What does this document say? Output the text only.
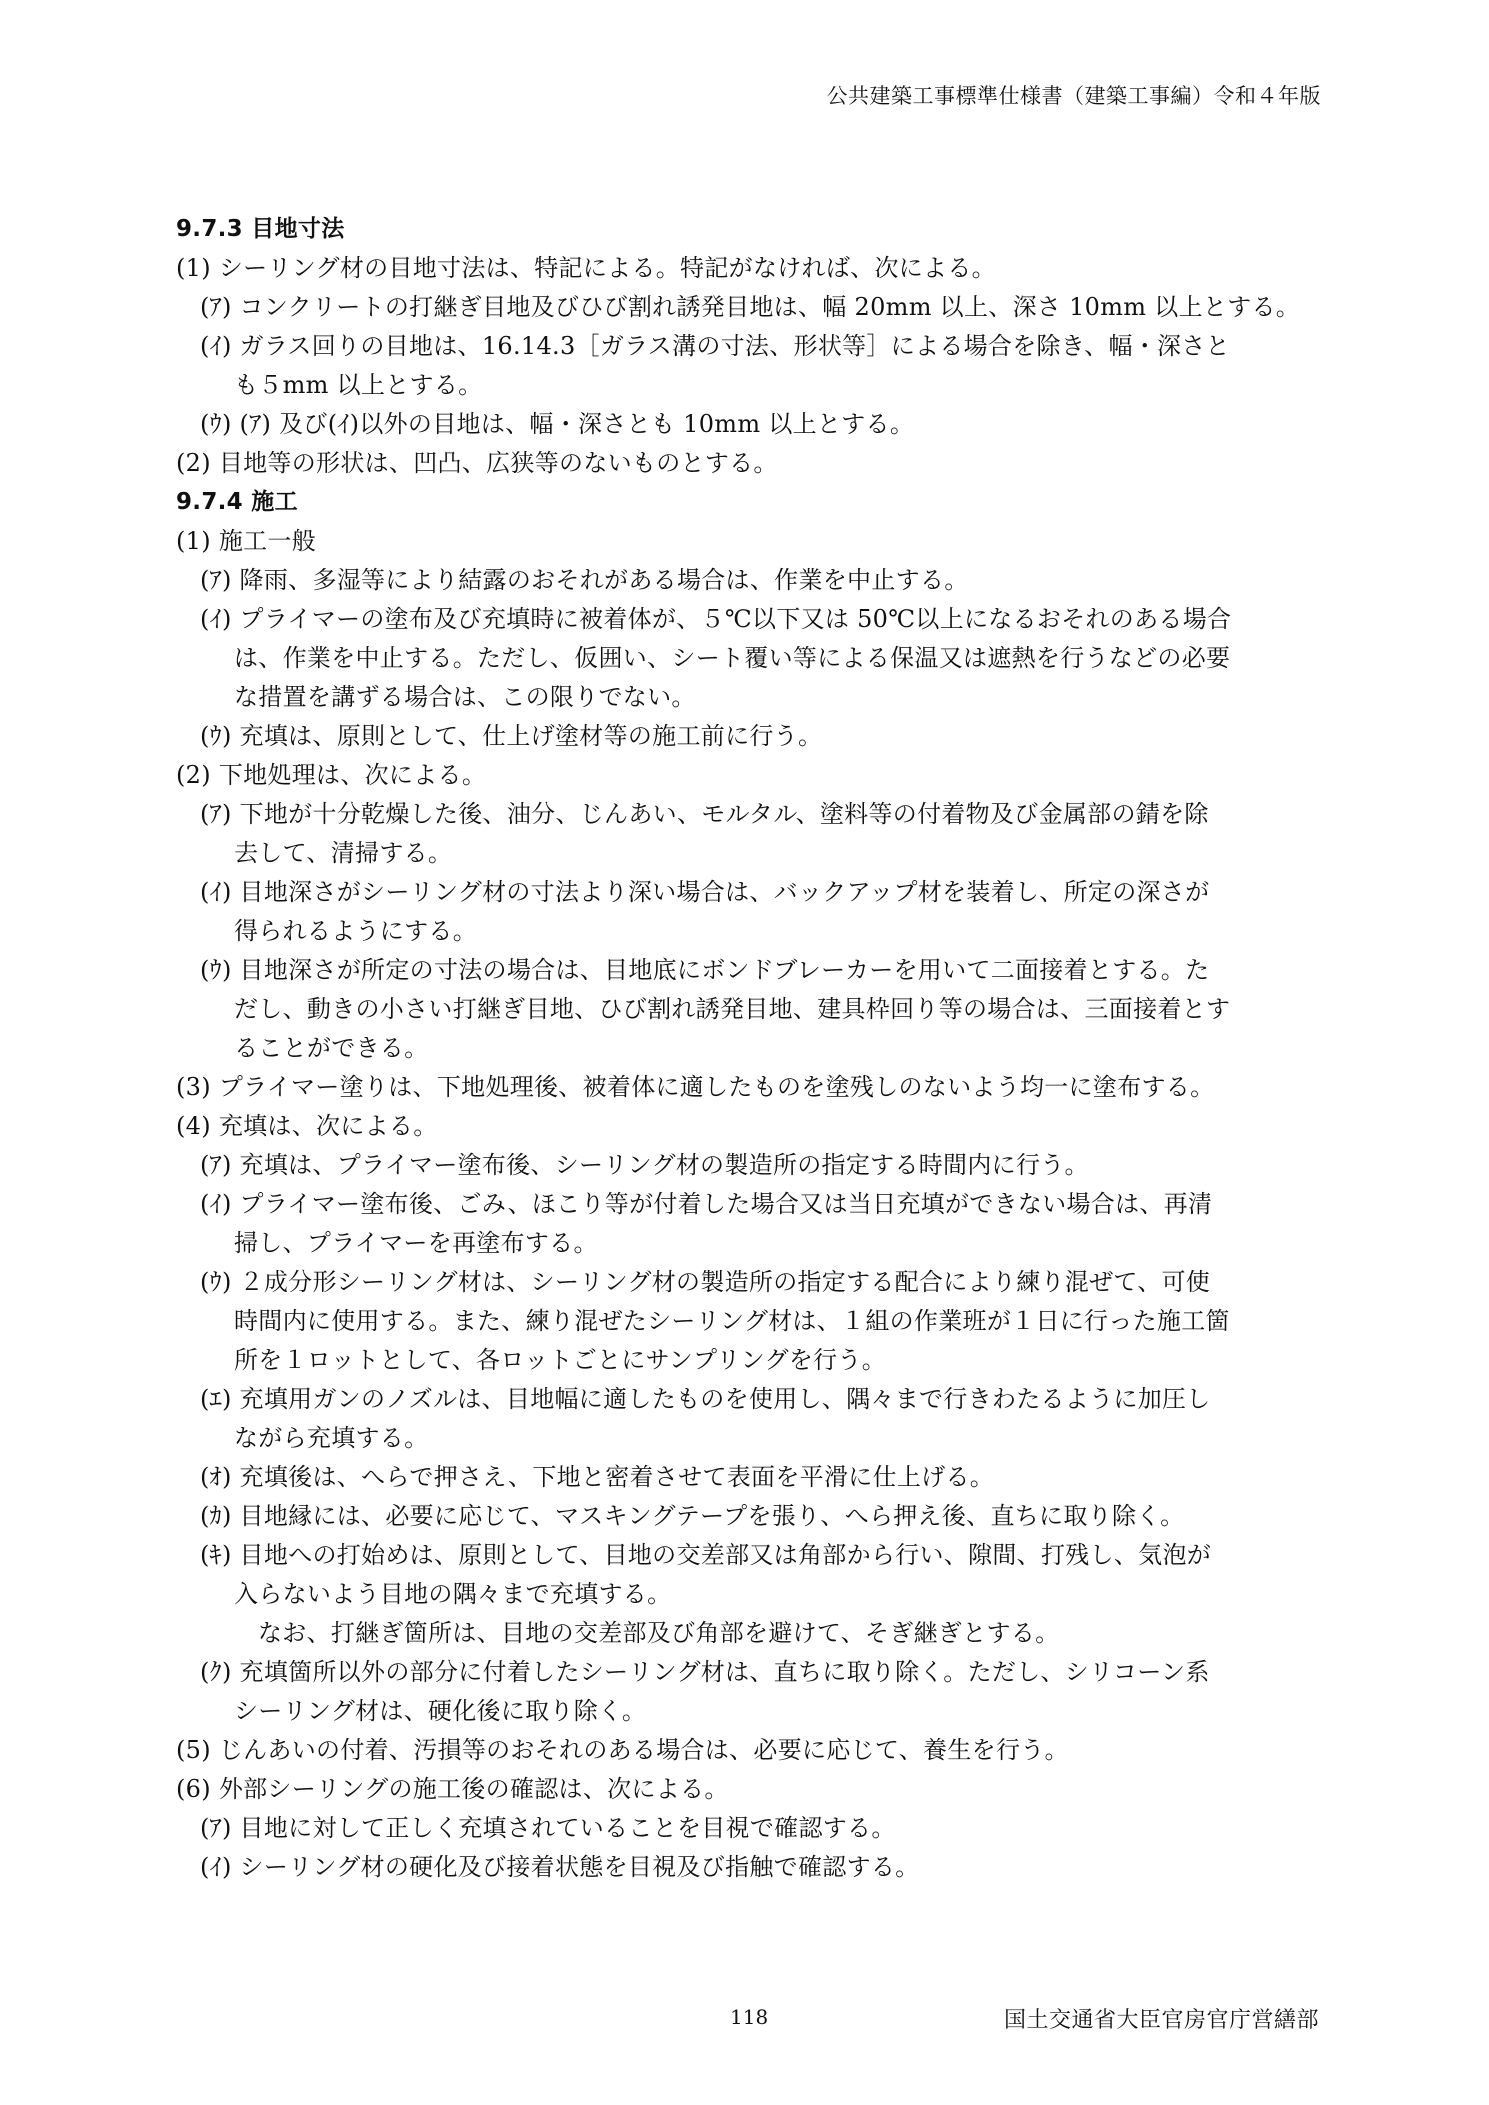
公共建築工事標準仕様書（建築工事編）令和４年版
9.7.3 目地寸法
(1) シーリング材の目地寸法は、特記による。特記がなければ、次による。
(ｱ) コンクリートの打継ぎ目地及びひび割れ誘発目地は、幅 20mm 以上、深さ 10mm 以上とする。
(ｲ) ガラス回りの目地は、16.14.3［ガラス溝の寸法、形状等］による場合を除き、幅・深さと
も５mm 以上とする。
(ｳ) (ｱ) 及び(ｲ)以外の目地は、幅・深さとも 10mm 以上とする。
(2) 目地等の形状は、凹凸、広狭等のないものとする。
9.7.4 施工
(1) 施工一般
(ｱ) 降雨、多湿等により結露のおそれがある場合は、作業を中止する。
(ｲ) プライマーの塗布及び充填時に被着体が、５℃以下又は 50℃以上になるおそれのある場合
は、作業を中止する。ただし、仮囲い、シート覆い等による保温又は遮熱を行うなどの必要
な措置を講ずる場合は、この限りでない。
(ｳ) 充填は、原則として、仕上げ塗材等の施工前に行う。
(2) 下地処理は、次による。
(ｱ) 下地が十分乾燥した後、油分、じんあい、モルタル、塗料等の付着物及び金属部の錆を除
去して、清掃する。
(ｲ) 目地深さがシーリング材の寸法より深い場合は、バックアップ材を装着し、所定の深さが
得られるようにする。
(ｳ) 目地深さが所定の寸法の場合は、目地底にボンドブレーカーを用いて二面接着とする。た
だし、動きの小さい打継ぎ目地、ひび割れ誘発目地、建具枠回り等の場合は、三面接着とす
ることができる。
(3) プライマー塗りは、下地処理後、被着体に適したものを塗残しのないよう均一に塗布する。
(4) 充填は、次による。
(ｱ) 充填は、プライマー塗布後、シーリング材の製造所の指定する時間内に行う。
(ｲ) プライマー塗布後、ごみ、ほこり等が付着した場合又は当日充填ができない場合は、再清
掃し、プライマーを再塗布する。
(ｳ) ２成分形シーリング材は、シーリング材の製造所の指定する配合により練り混ぜて、可使
時間内に使用する。また、練り混ぜたシーリング材は、１組の作業班が１日に行った施工箇
所を１ロットとして、各ロットごとにサンプリングを行う。
(ｴ) 充填用ガンのノズルは、目地幅に適したものを使用し、隅々まで行きわたるように加圧し
ながら充填する。
(ｵ) 充填後は、へらで押さえ、下地と密着させて表面を平滑に仕上げる。
(ｶ) 目地縁には、必要に応じて、マスキングテープを張り、へら押え後、直ちに取り除く。
(ｷ) 目地への打始めは、原則として、目地の交差部又は角部から行い、隙間、打残し、気泡が
入らないよう目地の隅々まで充填する。
なお、打継ぎ箇所は、目地の交差部及び角部を避けて、そぎ継ぎとする。
(ｸ) 充填箇所以外の部分に付着したシーリング材は、直ちに取り除く。ただし、シリコーン系
シーリング材は、硬化後に取り除く。
(5) じんあいの付着、汚損等のおそれのある場合は、必要に応じて、養生を行う。
(6) 外部シーリングの施工後の確認は、次による。
(ｱ) 目地に対して正しく充填されていることを目視で確認する。
(ｲ) シーリング材の硬化及び接着状態を目視及び指触で確認する。
118	国土交通省大臣官房官庁営繕部
